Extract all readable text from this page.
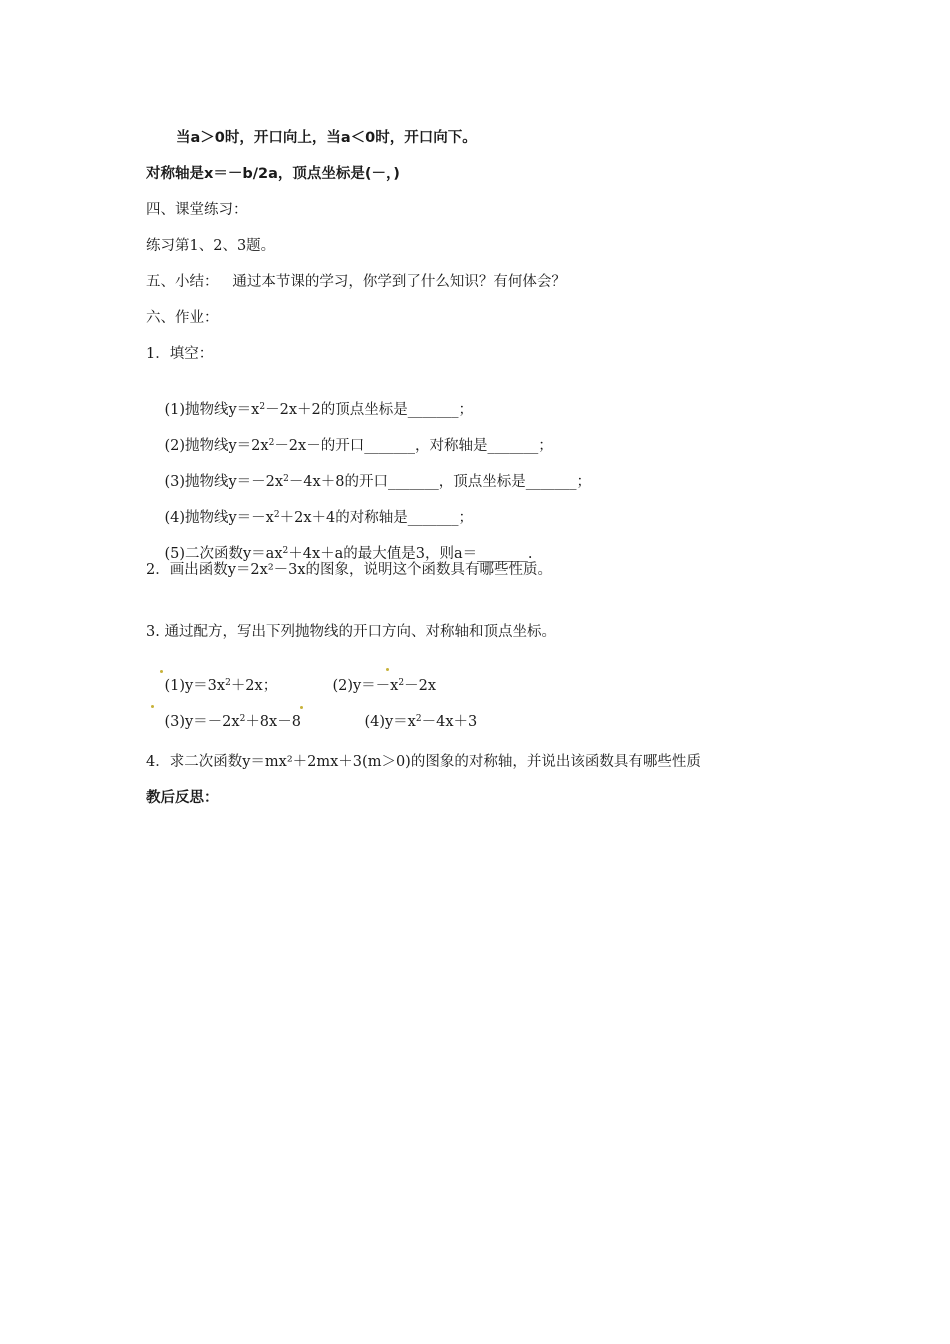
当a＞0时，开口向上，当a＜0时，开口向下。
对称轴是x＝－b/2a，顶点坐标是(－，)
四、课堂练习：
练习第1、2、3题。
五、小结：   通过本节课的学习，你学到了什么知识？有何体会？
六、作业：
1．填空：

(1)抛物线$y=x^2-2x+2$的顶点坐标是_______；

(2)抛物线$y=2x^2-2x-$的开口_______，对称轴是_______；

(3)抛物线$y=-2x^2-4x+8$的开口_______，顶点坐标是_______；

(4)抛物线$y=-x^2+2x+4$的对称轴是_______；

(5)二次函数$y=ax^2+4x+a$的最大值是3，则a＝_______.

2．画出函数y＝2x²－3x的图象，说明这个函数具有哪些性质。
3. 通过配方，写出下列抛物线的开口方向、对称轴和顶点坐标。

$(1)y=3x^2+2x$；
	$(2)y=-x^2-2x$

$(3)y=-2x^2+8x-8$
	$(4)y=x^2-4x+3$

4．求二次函数y＝mx²＋2mx＋3(m＞0)的图象的对称轴，并说出该函数具有哪些性质
教后反思：
